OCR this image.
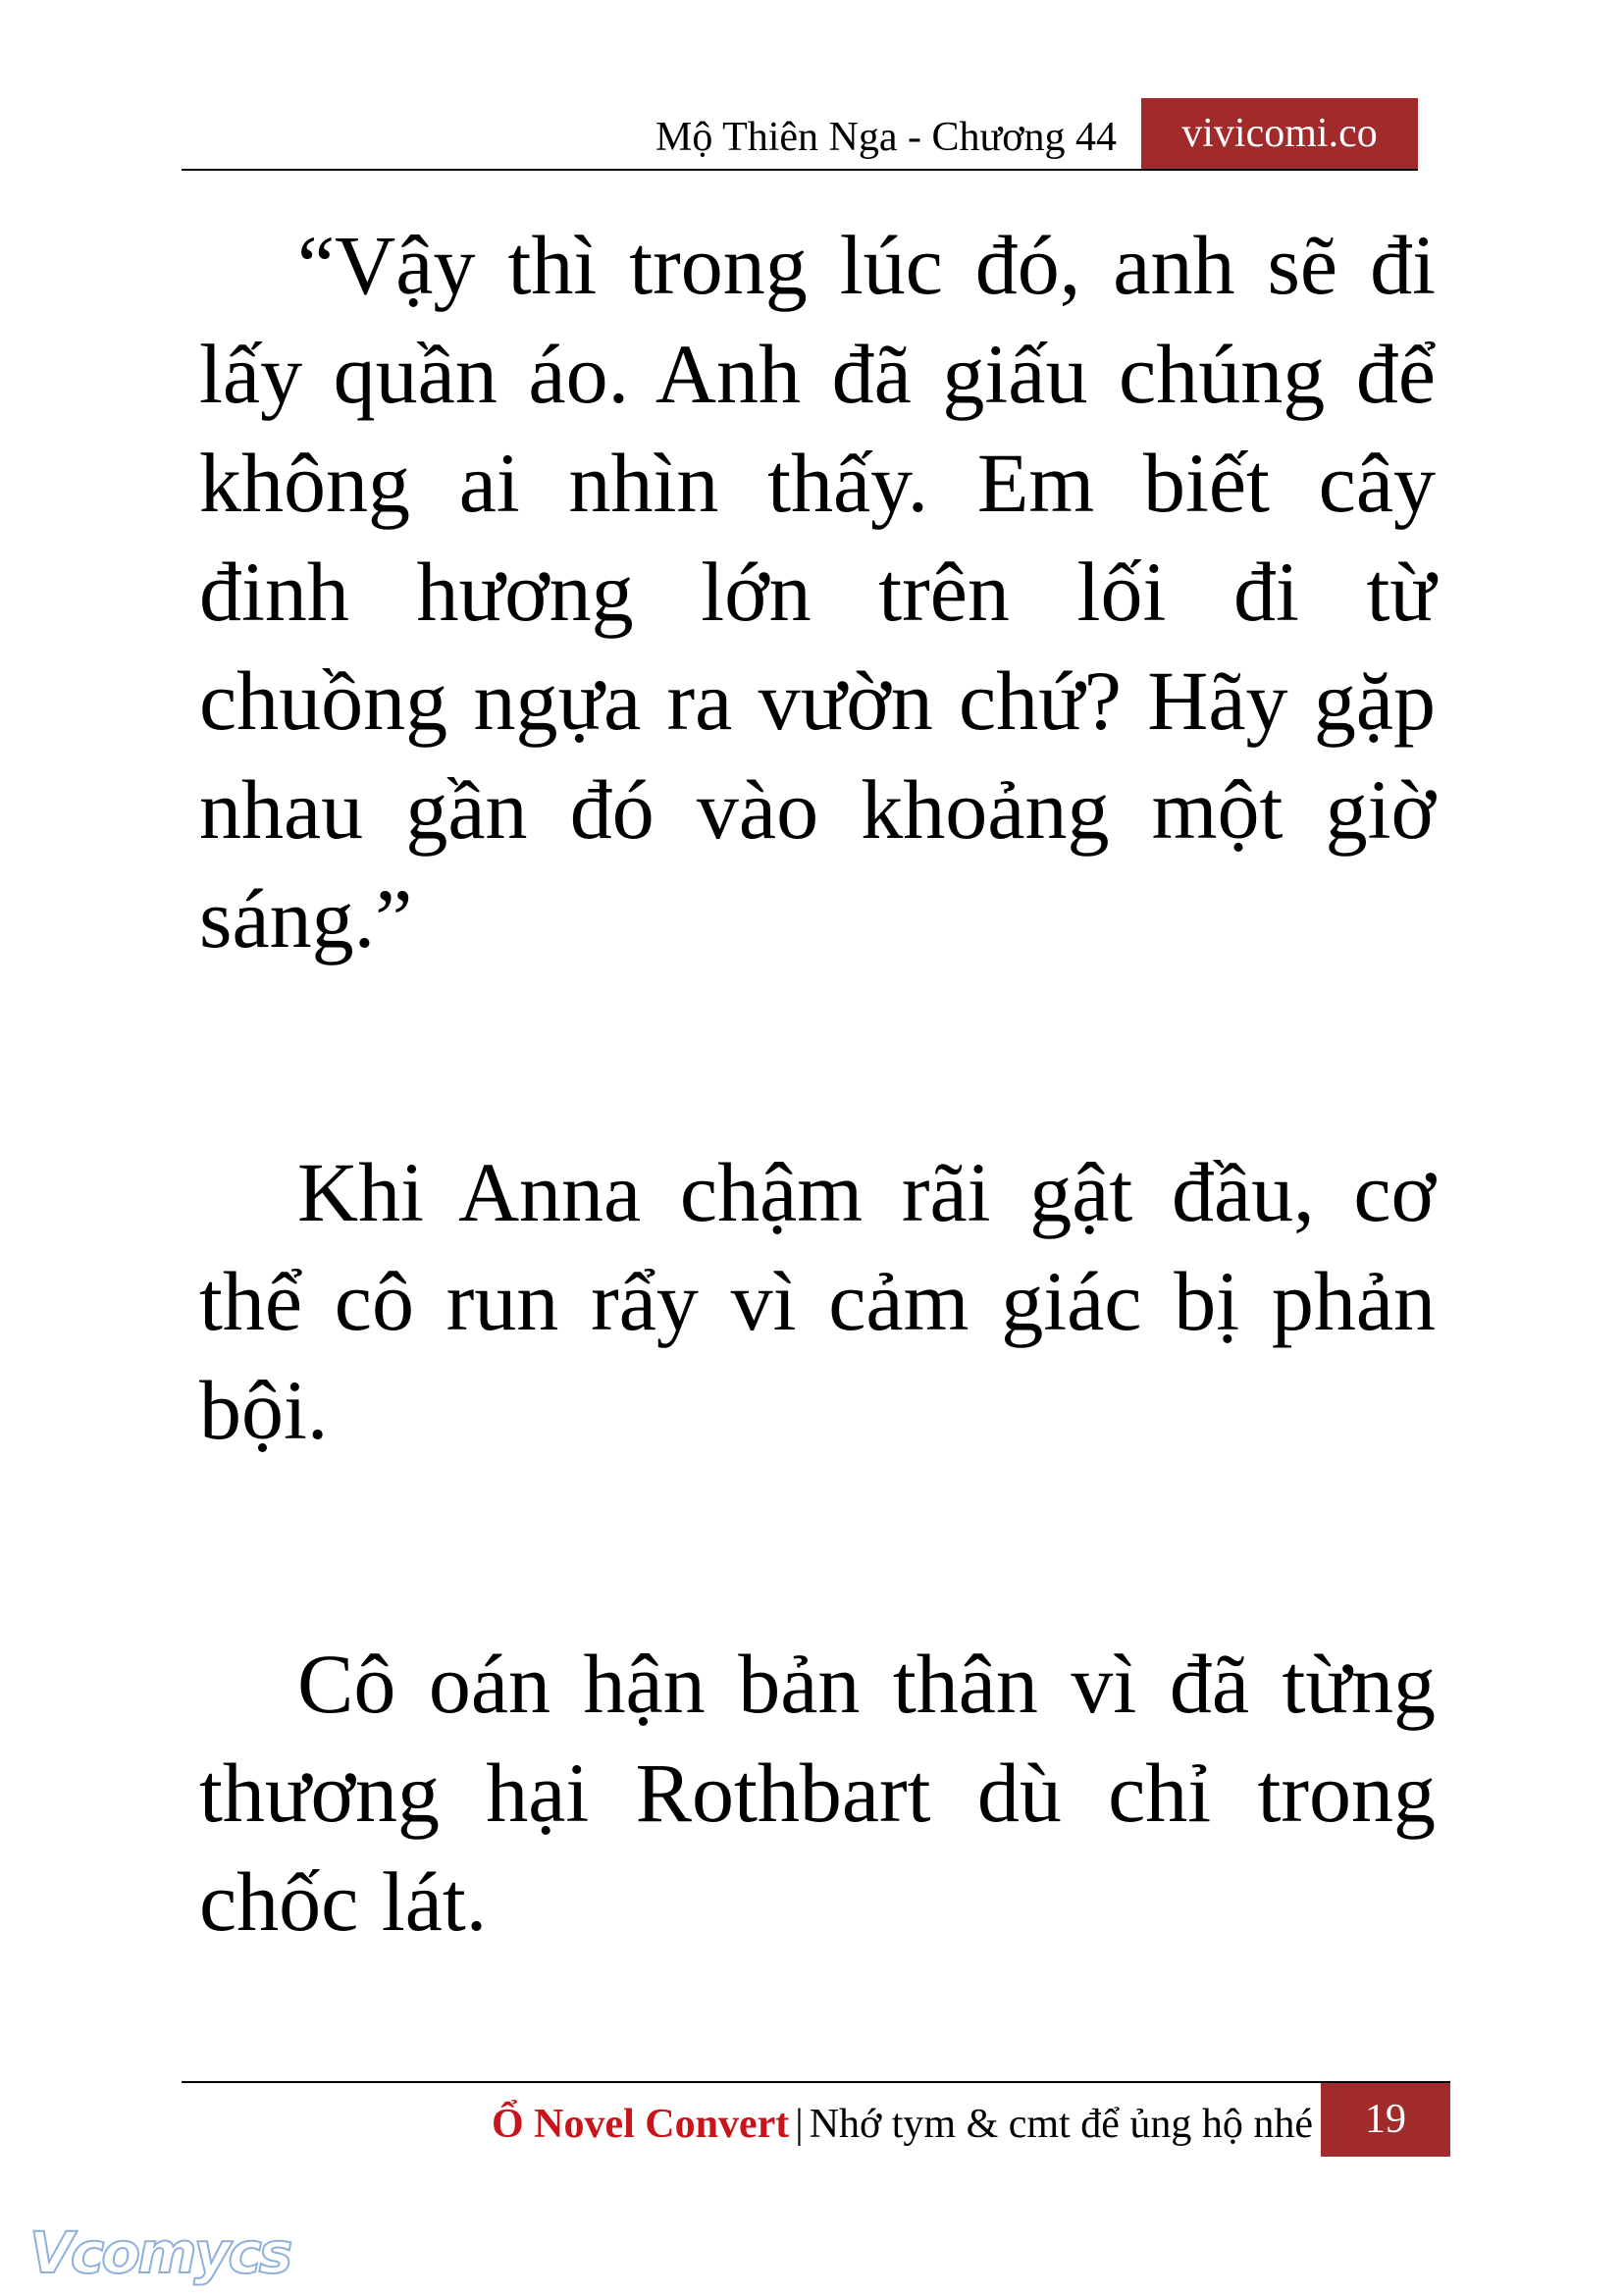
Mộ Thiên Nga - Chương 44	vivicomi.co

“Vậy thì trong lúc đó, anh sẽ đi lấy quần áo. Anh đã giấu chúng để không ai nhìn thấy. Em biết cây đinh hương lớn trên lối đi từ chuồng ngựa ra vườn chứ? Hãy gặp nhau gần đó vào khoảng một giờ sáng.”

Khi Anna chậm rãi gật đầu, cơ thể cô run rẩy vì cảm giác bị phản bội.

Cô oán hận bản thân vì đã từng thương hại Rothbart dù chỉ trong chốc lát.

Ổ Novel Convert | Nhớ tym & cmt để ủng hộ nhé	19
Vcomycs
